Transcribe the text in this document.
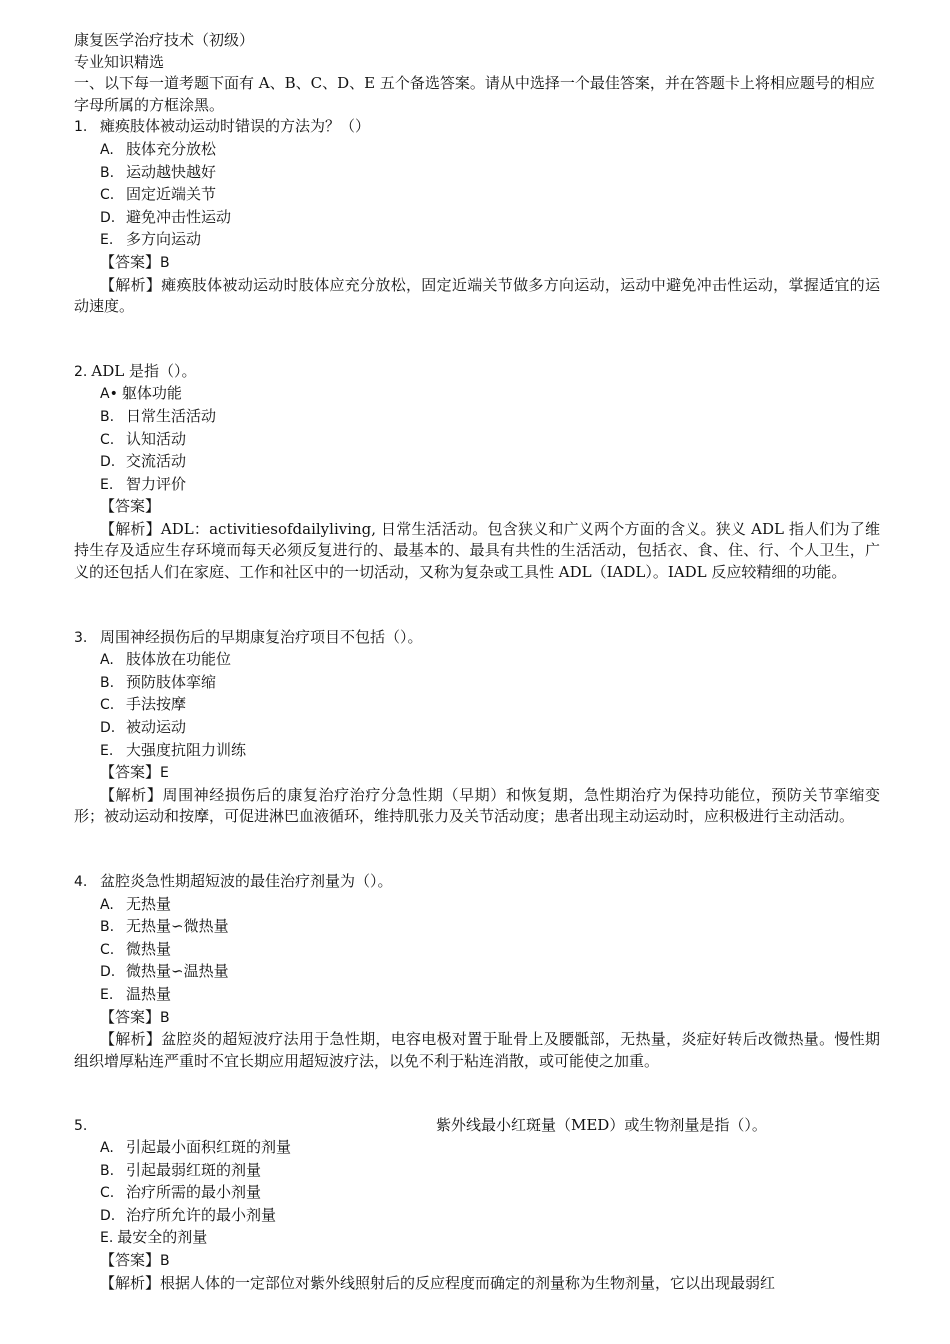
康复医学治疗技术（初级）
专业知识精选
一、以下每一道考题下面有 A、B、C、D、E 五个备选答案。请从中选择一个最佳答案，并在答题卡上将相应题号的相应字母所属的方框涂黑。
1. 瘫痪肢体被动运动时错误的方法为？（）
A. 肢体充分放松
B. 运动越快越好
C. 固定近端关节
D. 避免冲击性运动
E. 多方向运动
【答案】B
【解析】瘫痪肢体被动运动时肢体应充分放松，固定近端关节做多方向运动，运动中避免冲击性运动，掌握适宜的运动速度。
2. ADL 是指（）。
A• 躯体功能
B. 日常生活活动
C. 认知活动
D. 交流活动
E. 智力评价
【答案】
【解析】ADL：activitiesofdailyliving, 日常生活活动。包含狭义和广义两个方面的含义。狭义 ADL 指人们为了维持生存及适应生存环境而每天必须反复进行的、最基本的、最具有共性的生活活动，包括衣、食、住、行、个人卫生，广义的还包括人们在家庭、工作和社区中的一切活动，又称为复杂或工具性 ADL（IADL）。IADL 反应较精细的功能。
3. 周围神经损伤后的早期康复治疗项目不包括（）。
A. 肢体放在功能位
B. 预防肢体挛缩
C. 手法按摩
D. 被动运动
E. 大强度抗阻力训练
【答案】E
【解析】周围神经损伤后的康复治疗治疗分急性期（早期）和恢复期，急性期治疗为保持功能位，预防关节挛缩变形；被动运动和按摩，可促进淋巴血液循环，维持肌张力及关节活动度；患者出现主动运动时，应积极进行主动活动。
4. 盆腔炎急性期超短波的最佳治疗剂量为（）。
A. 无热量
B. 无热量∽微热量
C. 微热量
D. 微热量∽温热量
E. 温热量
【答案】B
【解析】盆腔炎的超短波疗法用于急性期，电容电极对置于耻骨上及腰骶部，无热量，炎症好转后改微热量。慢性期组织增厚粘连严重时不宜长期应用超短波疗法，以免不利于粘连消散，或可能使之加重。
5.	紫外线最小红斑量（MED）或生物剂量是指（）。
A. 引起最小面积红斑的剂量
B. 引起最弱红斑的剂量
C. 治疗所需的最小剂量
D. 治疗所允许的最小剂量
E. 最安全的剂量
【答案】B
【解析】根据人体的一定部位对紫外线照射后的反应程度而确定的剂量称为生物剂量，它以出现最弱红
